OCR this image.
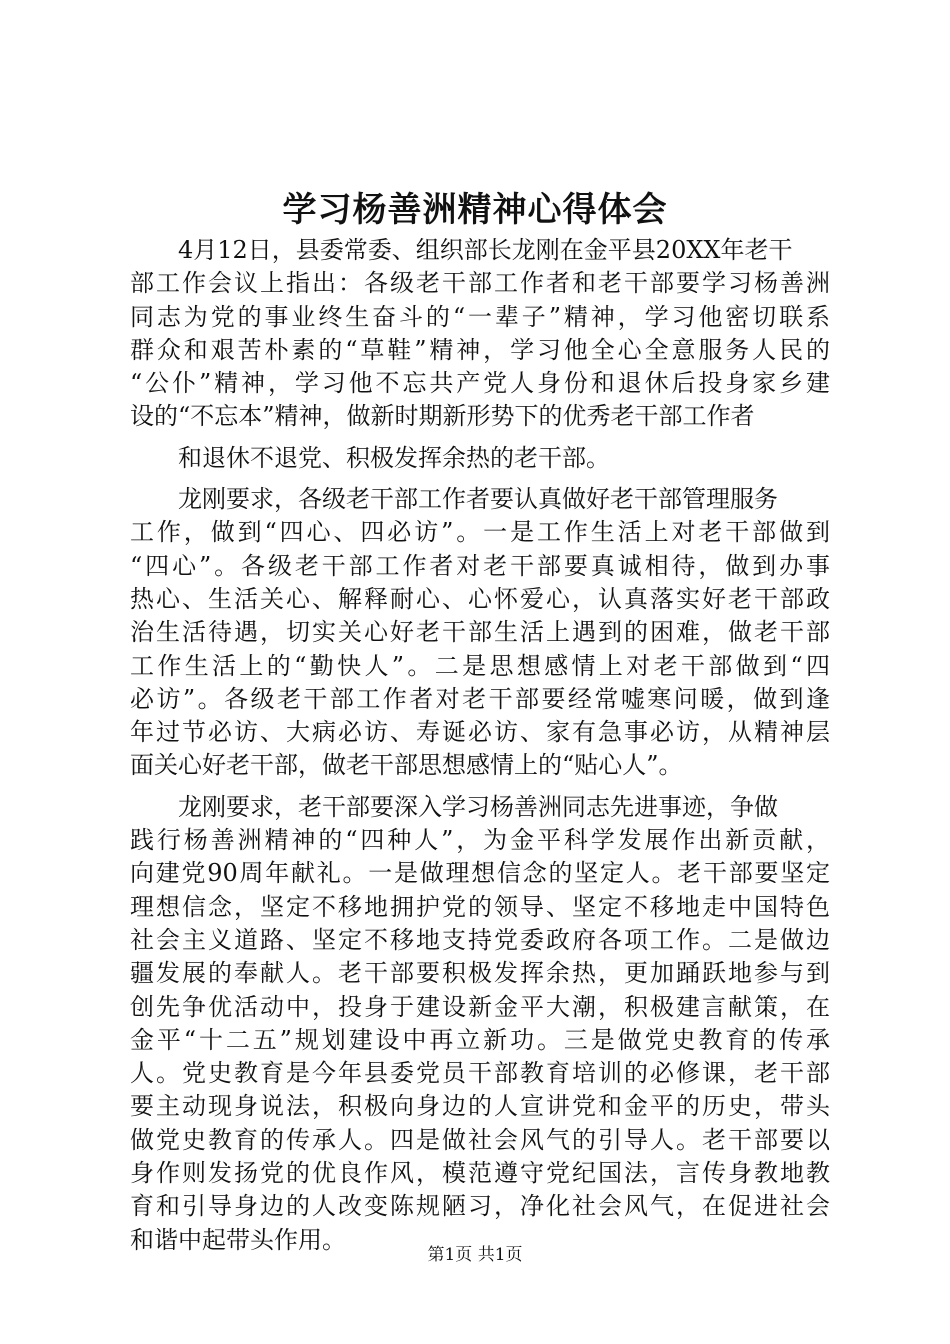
学习杨善洲精神心得体会
4月12日，县委常委、组织部长龙刚在金平县20XX年老干
部工作会议上指出：各级老干部工作者和老干部要学习杨善洲
同志为党的事业终生奋斗的“一辈子”精神，学习他密切联系
群众和艰苦朴素的“草鞋”精神，学习他全心全意服务人民的
“公仆”精神，学习他不忘共产党人身份和退休后投身家乡建
设的“不忘本”精神，做新时期新形势下的优秀老干部工作者
和退休不退党、积极发挥余热的老干部。
龙刚要求，各级老干部工作者要认真做好老干部管理服务
工作，做到“四心、四必访”。一是工作生活上对老干部做到
“四心”。各级老干部工作者对老干部要真诚相待，做到办事
热心、生活关心、解释耐心、心怀爱心，认真落实好老干部政
治生活待遇，切实关心好老干部生活上遇到的困难，做老干部
工作生活上的“勤快人”。二是思想感情上对老干部做到“四
必访”。各级老干部工作者对老干部要经常嘘寒问暖，做到逢
年过节必访、大病必访、寿诞必访、家有急事必访，从精神层
面关心好老干部，做老干部思想感情上的“贴心人”。
龙刚要求，老干部要深入学习杨善洲同志先进事迹，争做
践行杨善洲精神的“四种人”，为金平科学发展作出新贡献，
向建党90周年献礼。一是做理想信念的坚定人。老干部要坚定
理想信念，坚定不移地拥护党的领导、坚定不移地走中国特色
社会主义道路、坚定不移地支持党委政府各项工作。二是做边
疆发展的奉献人。老干部要积极发挥余热，更加踊跃地参与到
创先争优活动中，投身于建设新金平大潮，积极建言献策，在
金平“十二五”规划建设中再立新功。三是做党史教育的传承
人。党史教育是今年县委党员干部教育培训的必修课，老干部
要主动现身说法，积极向身边的人宣讲党和金平的历史，带头
做党史教育的传承人。四是做社会风气的引导人。老干部要以
身作则发扬党的优良作风，模范遵守党纪国法，言传身教地教
育和引导身边的人改变陈规陋习，净化社会风气，在促进社会
和谐中起带头作用。
第1页 共1页
